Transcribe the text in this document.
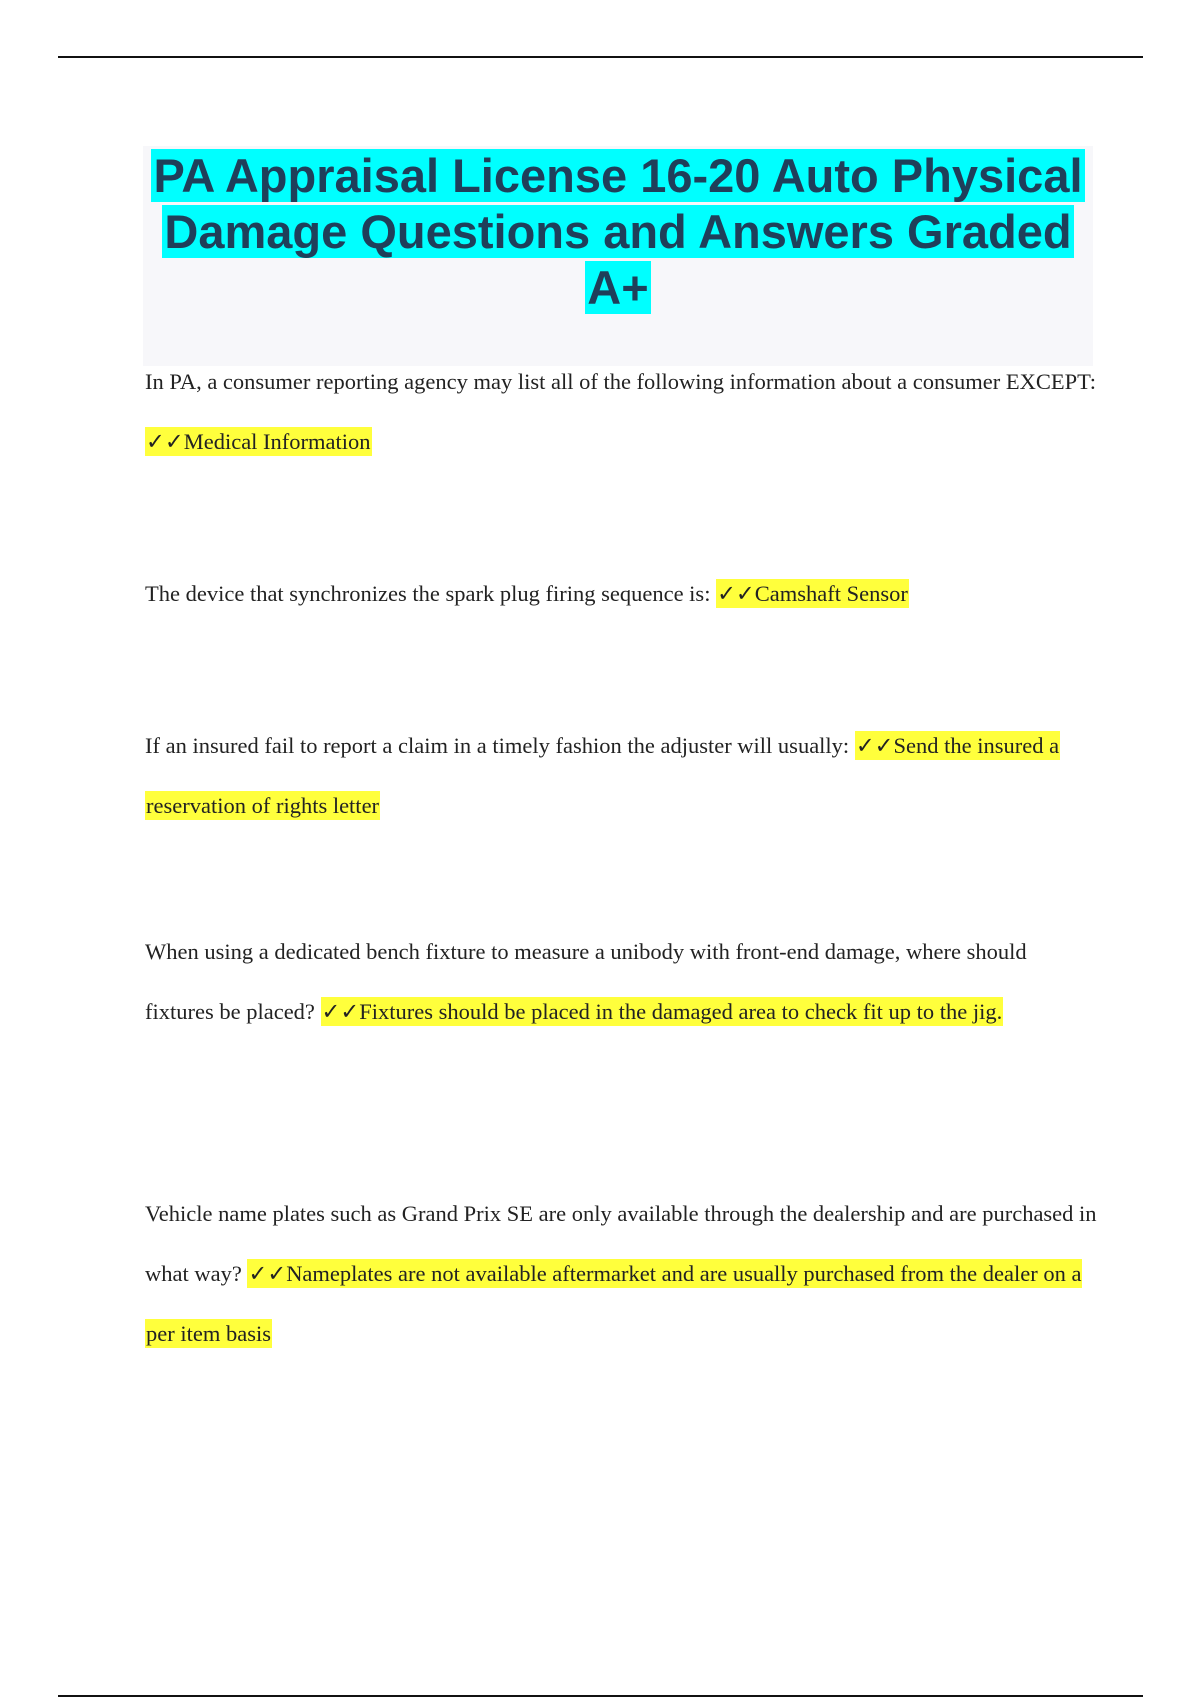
PA Appraisal License 16-20 Auto Physical Damage Questions and Answers Graded A+

In PA, a consumer reporting agency may list all of the following information about a consumer EXCEPT: ✓✓Medical Information

The device that synchronizes the spark plug firing sequence is: ✓✓Camshaft Sensor

If an insured fail to report a claim in a timely fashion the adjuster will usually: ✓✓Send the insured a reservation of rights letter

When using a dedicated bench fixture to measure a unibody with front-end damage, where should fixtures be placed? ✓✓Fixtures should be placed in the damaged area to check fit up to the jig.

Vehicle name plates such as Grand Prix SE are only available through the dealership and are purchased in what way? ✓✓Nameplates are not available aftermarket and are usually purchased from the dealer on a per item basis
